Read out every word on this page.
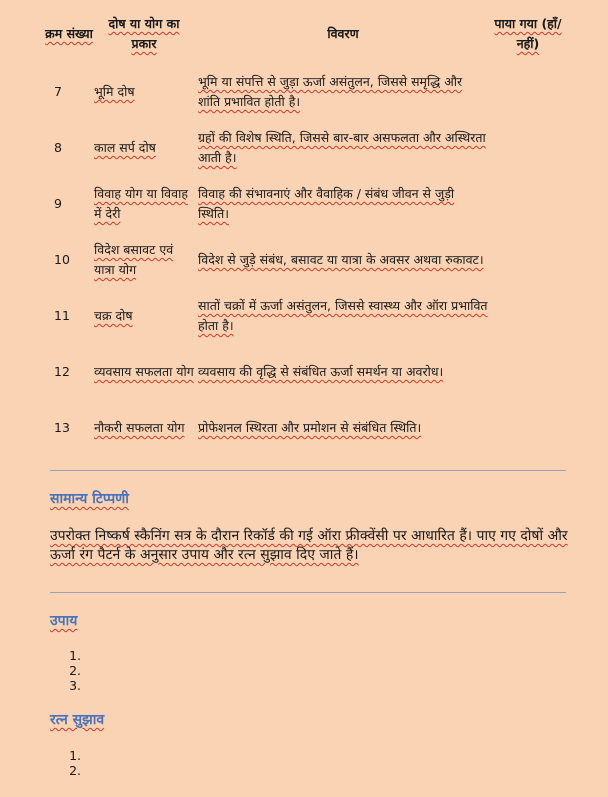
क्रम संख्या	दोष या योग का प्रकार	विवरण	पाया गया (हाँ/नहीं)
7	भूमि दोष	भूमि या संपत्ति से जुड़ा ऊर्जा असंतुलन, जिससे समृद्धि और शांति प्रभावित होती है।	
8	काल सर्प दोष	ग्रहों की विशेष स्थिति, जिससे बार-बार असफलता और अस्थिरता आती है।	
9	विवाह योग या विवाह में देरी	विवाह की संभावनाएं और वैवाहिक / संबंध जीवन से जुड़ी स्थिति।	
10	विदेश बसावट एवं यात्रा योग	विदेश से जुड़े संबंध, बसावट या यात्रा के अवसर अथवा रुकावट।	
11	चक्र दोष	सातों चक्रों में ऊर्जा असंतुलन, जिससे स्वास्थ्य और ऑरा प्रभावित होता है।	
12	व्यवसाय सफलता योग	व्यवसाय की वृद्धि से संबंधित ऊर्जा समर्थन या अवरोध।	
13	नौकरी सफलता योग	प्रोफेशनल स्थिरता और प्रमोशन से संबंधित स्थिति।	
सामान्य टिप्पणी
उपरोक्त निष्कर्ष स्कैनिंग सत्र के दौरान रिकॉर्ड की गई ऑरा फ्रीक्वेंसी पर आधारित हैं। पाए गए दोषों और ऊर्जा रंग पैटर्न के अनुसार उपाय और रत्न सुझाव दिए जाते हैं।
उपाय
रत्न सुझाव
